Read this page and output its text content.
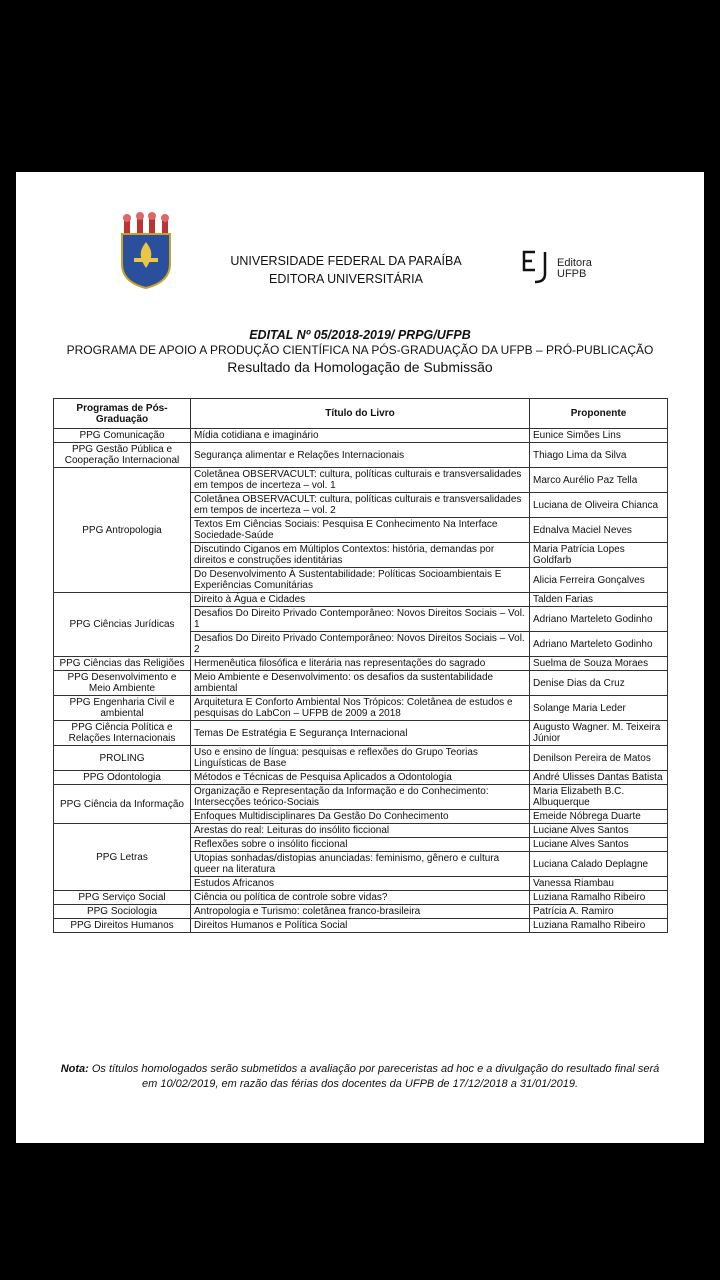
UNIVERSIDADE FEDERAL DA PARAÍBA
EDITORA UNIVERSITÁRIA
Editora
UFPB
EDITAL Nº 05/2018-2019/ PRPG/UFPB
PROGRAMA DE APOIO A PRODUÇÃO CIENTÍFICA NA PÓS-GRADUAÇÃO DA UFPB – PRÓ-PUBLICAÇÃO
Resultado da Homologação de Submissão
Programas de Pós-Graduação	Título do Livro	Proponente
PPG Comunicação	Mídia cotidiana e imaginário	Eunice Simões Lins
PPG Gestão Pública e Cooperação Internacional	Segurança alimentar e Relações Internacionais	Thiago Lima da Silva
PPG Antropologia	Coletânea OBSERVACULT: cultura, políticas culturais e transversalidades em tempos de incerteza – vol. 1	Marco Aurélio Paz Tella
	Coletânea OBSERVACULT: cultura, políticas culturais e transversalidades em tempos de incerteza – vol. 2	Luciana de Oliveira Chianca
	Textos Em Ciências Sociais: Pesquisa E Conhecimento Na Interface Sociedade-Saúde	Ednalva Maciel Neves
	Discutindo Ciganos em Múltiplos Contextos: história, demandas por direitos e construções identitárias	Maria Patrícia Lopes Goldfarb
	Do Desenvolvimento À Sustentabilidade: Políticas Socioambientais E Experiências Comunitárias	Alicia Ferreira Gonçalves
PPG Ciências Jurídicas	Direito à Água e Cidades	Talden Farias
	Desafios Do Direito Privado Contemporâneo: Novos Direitos Sociais – Vol. 1	Adriano Marteleto Godinho
	Desafios Do Direito Privado Contemporâneo: Novos Direitos Sociais – Vol. 2	Adriano Marteleto Godinho
PPG Ciências das Religiões	Hermenêutica filosófica e literária nas representações do sagrado	Suelma de Souza Moraes
PPG Desenvolvimento e Meio Ambiente	Meio Ambiente e Desenvolvimento: os desafios da sustentabilidade ambiental	Denise Dias da Cruz
PPG Engenharia Civil e ambiental	Arquitetura E Conforto Ambiental Nos Trópicos: Coletânea de estudos e pesquisas do LabCon – UFPB de 2009 a 2018	Solange Maria Leder
PPG Ciência Política e Relações Internacionais	Temas De Estratégia E Segurança Internacional	Augusto Wagner. M. Teixeira Júnior
PROLING	Uso e ensino de língua: pesquisas e reflexões do Grupo Teorias Linguísticas de Base	Denilson Pereira de Matos
PPG Odontologia	Métodos e Técnicas de Pesquisa Aplicados a Odontologia	André Ulisses Dantas Batista
PPG Ciência da Informação	Organização e Representação da Informação e do Conhecimento: Intersecções teórico-Sociais	Maria Elizabeth B.C. Albuquerque
	Enfoques Multidisciplinares Da Gestão Do Conhecimento	Emeide Nóbrega Duarte
PPG Letras	Arestas do real: Leituras do insólito ficcional	Luciane Alves Santos
	Reflexões sobre o insólito ficcional	Luciane Alves Santos
	Utopias sonhadas/distopias anunciadas: feminismo, gênero e cultura queer na literatura	Luciana Calado Deplagne
	Estudos Africanos	Vanessa Riambau
PPG Serviço Social	Ciência ou política de controle sobre vidas?	Luziana Ramalho Ribeiro
PPG Sociologia	Antropologia e Turismo: coletânea franco-brasileira	Patrícia A. Ramiro
PPG Direitos Humanos	Direitos Humanos e Política Social	Luziana Ramalho Ribeiro
Nota: Os títulos homologados serão submetidos a avaliação por pareceristas ad hoc e a divulgação do resultado final será em 10/02/2019, em razão das férias dos docentes da UFPB de 17/12/2018 a 31/01/2019.
